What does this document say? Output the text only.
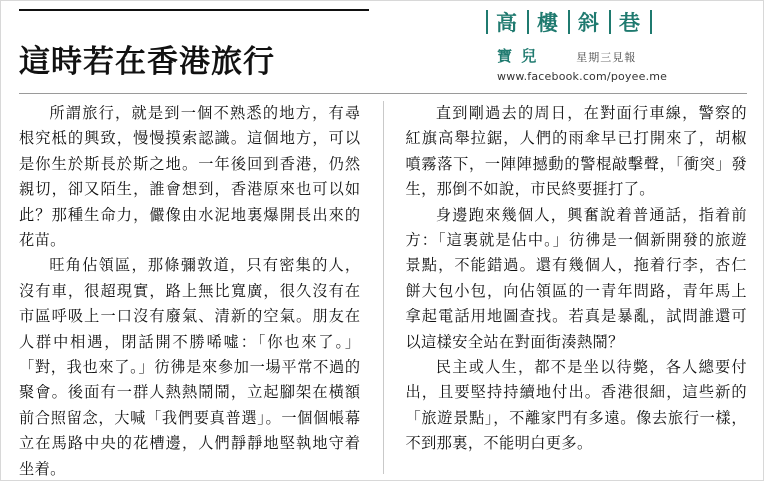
這時若在香港旅行
高 樓 斜 巷
寶 兒	星期三見報
www.facebook.com/poyee.me

所謂旅行，就是到一個不熟悉的地方，有尋根究柢的興致，慢慢摸索認識。這個地方，可以是你生於斯長於斯之地。一年後回到香港，仍然親切，卻又陌生，誰會想到，香港原來也可以如此？那種生命力，儼像由水泥地裏爆開長出來的花苗。

旺角佔領區，那條彌敦道，只有密集的人，沒有車，很超現實，路上無比寬廣，很久沒有在市區呼吸上一口沒有廢氣、清新的空氣。朋友在人群中相遇，閉話開不勝唏噓：「你也來了。」「對，我也來了。」彷彿是來參加一場平常不過的聚會。後面有一群人熱熱鬧鬧，立起腳架在橫額前合照留念，大喊「我們要真普選」。一個個帳幕立在馬路中央的花槽邊，人們靜靜地堅執地守着坐着。

直到剛過去的周日，在對面行車線，警察的紅旗高舉拉鋸，人們的雨傘早已打開來了，胡椒噴霧落下，一陣陣撼動的警棍敲擊聲，「衝突」發生，那倒不如說，市民終要捱打了。

身邊跑來幾個人，興奮說着普通話，指着前方：「這裏就是佔中。」彷彿是一個新開發的旅遊景點，不能錯過。還有幾個人，拖着行李，杏仁餅大包小包，向佔領區的一青年問路，青年馬上拿起電話用地圖查找。若真是暴亂，試問誰還可以這樣安全站在對面街湊熱鬧？

民主或人生，都不是坐以待斃，各人總要付出，且要堅持持續地付出。香港很細，這些新的「旅遊景點」，不離家門有多遠。像去旅行一樣，不到那裏，不能明白更多。
